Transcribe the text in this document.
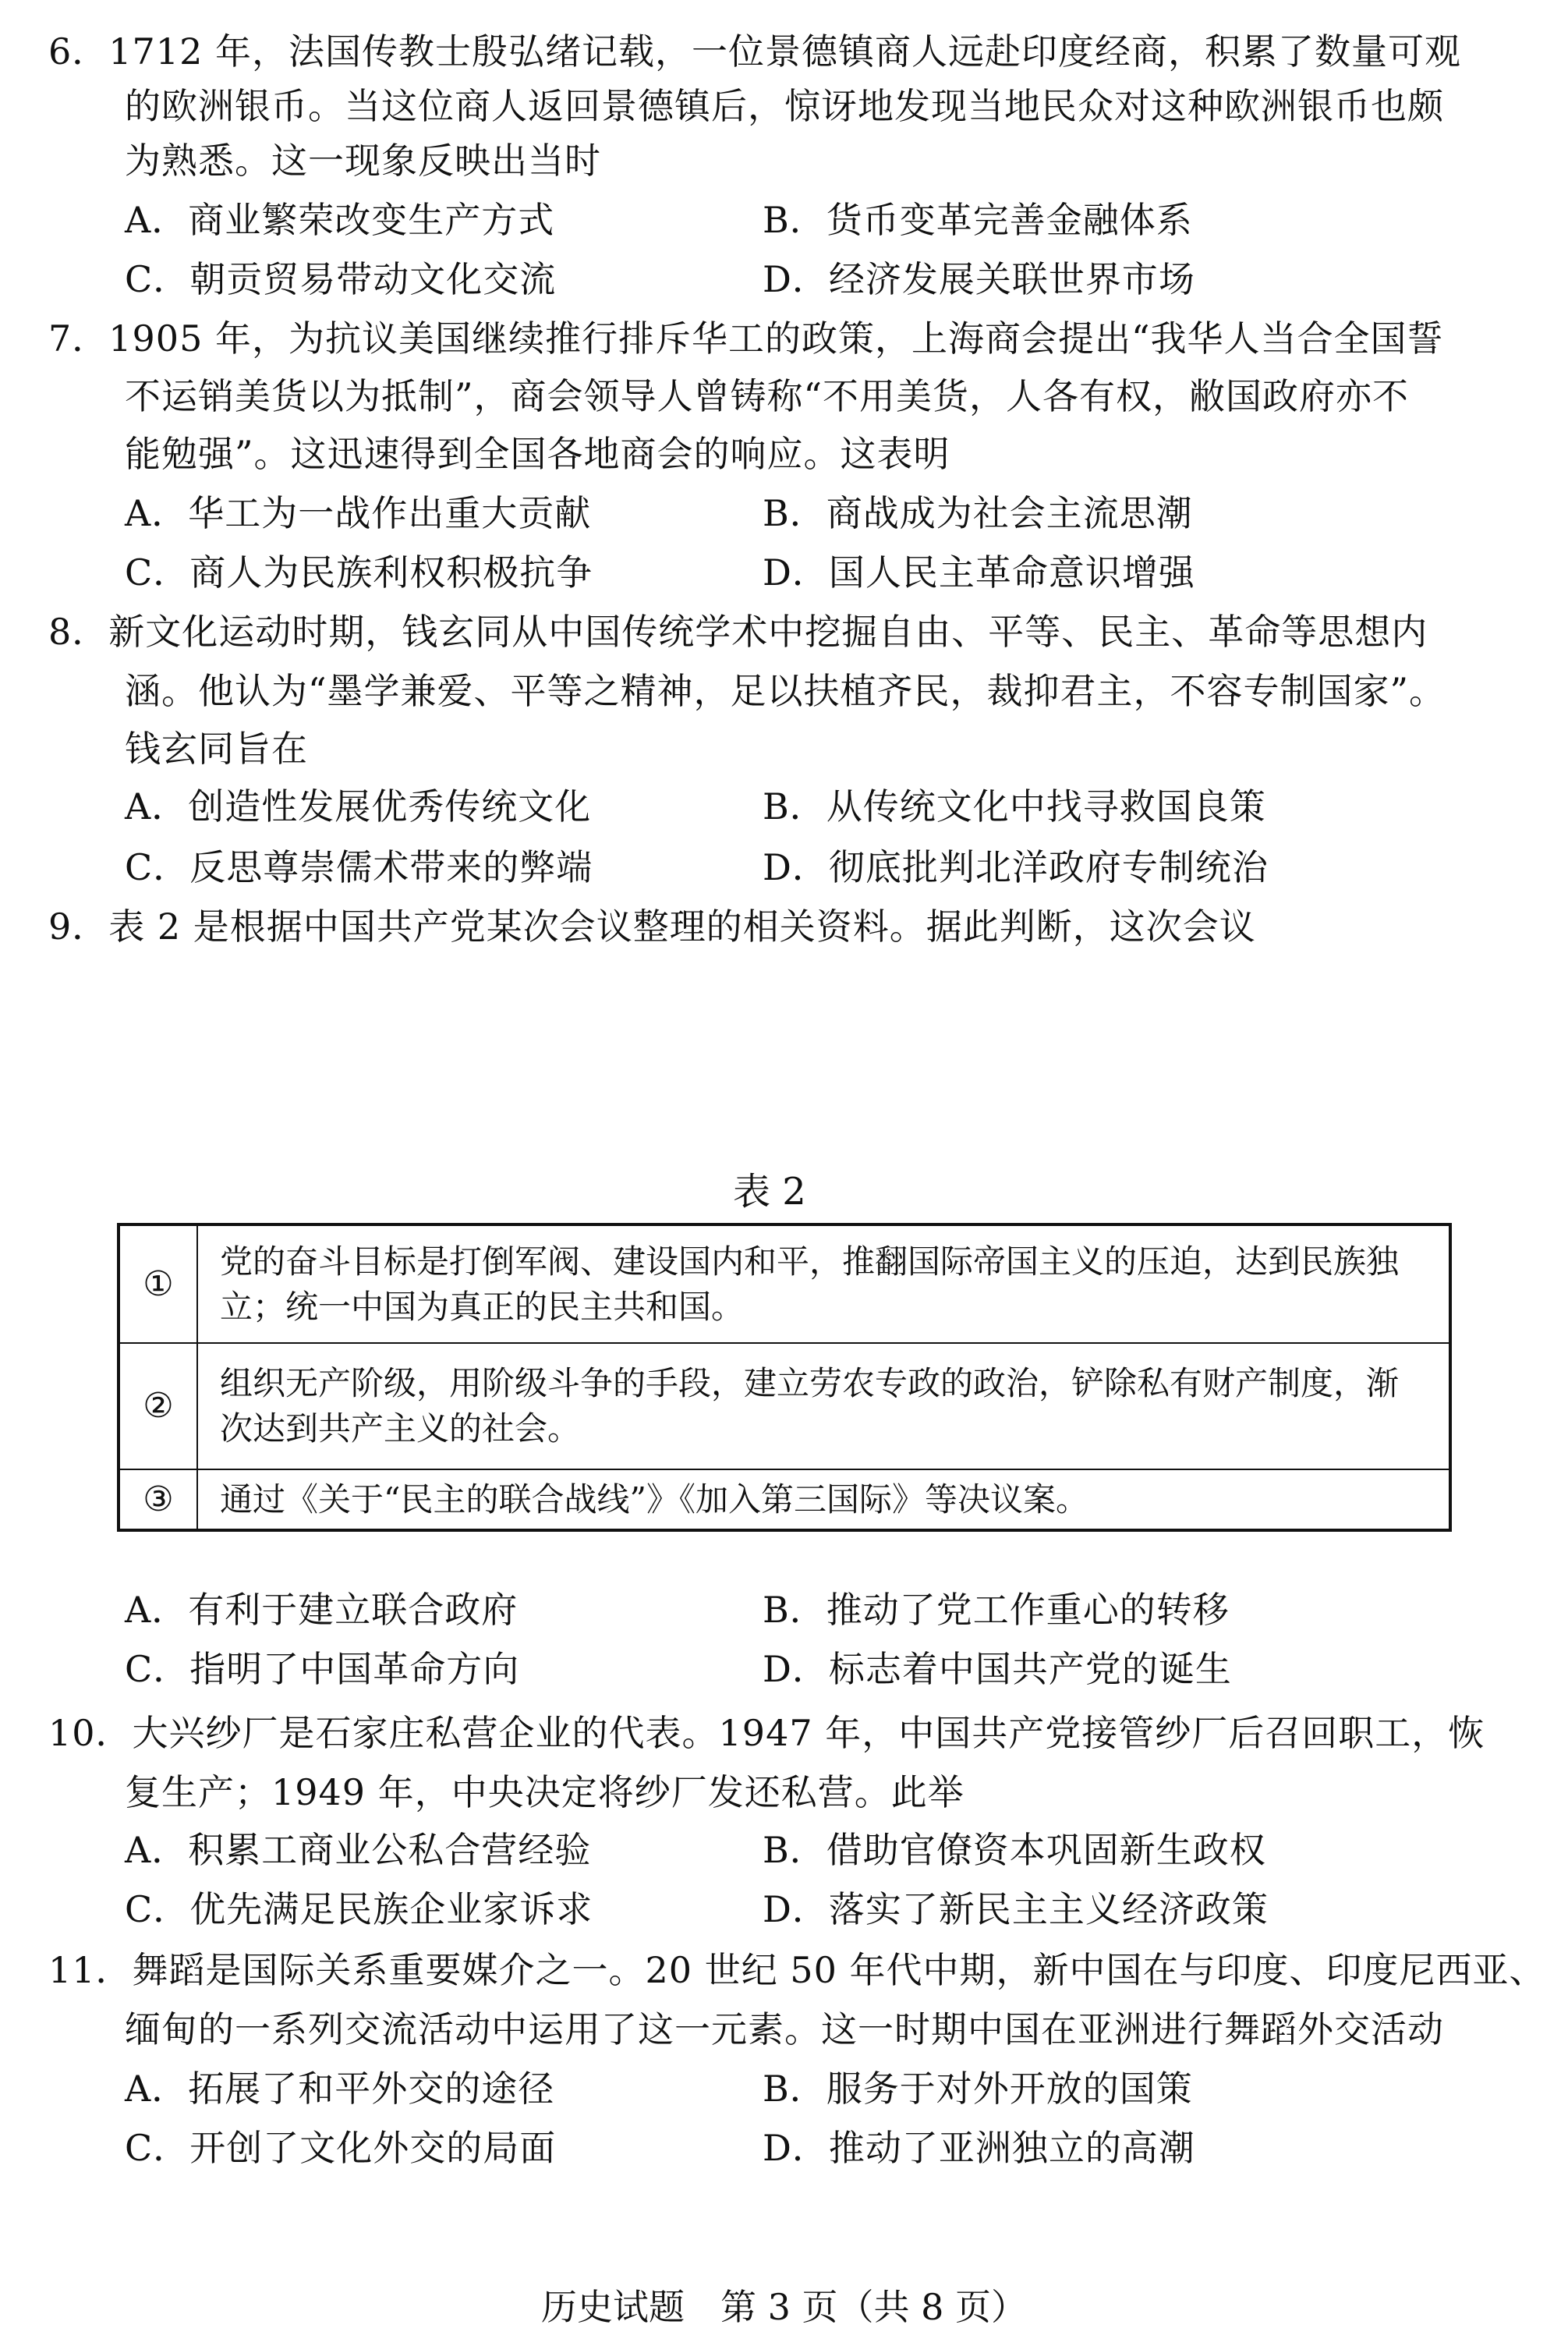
6．1712 年，法国传教士殷弘绪记载，一位景德镇商人远赴印度经商，积累了数量可观
的欧洲银币。当这位商人返回景德镇后，惊讶地发现当地民众对这种欧洲银币也颇
为熟悉。这一现象反映出当时
A．商业繁荣改变生产方式	B．货币变革完善金融体系
C．朝贡贸易带动文化交流	D．经济发展关联世界市场
7．1905 年，为抗议美国继续推行排斥华工的政策，上海商会提出“我华人当合全国誓
不运销美货以为抵制”，商会领导人曾铸称“不用美货，人各有权，敝国政府亦不
能勉强”。这迅速得到全国各地商会的响应。这表明
A．华工为一战作出重大贡献	B．商战成为社会主流思潮
C．商人为民族利权积极抗争	D．国人民主革命意识增强
8．新文化运动时期，钱玄同从中国传统学术中挖掘自由、平等、民主、革命等思想内
涵。他认为“墨学兼爱、平等之精神，足以扶植齐民，裁抑君主，不容专制国家”。
钱玄同旨在
A．创造性发展优秀传统文化	B．从传统文化中找寻救国良策
C．反思尊崇儒术带来的弊端	D．彻底批判北洋政府专制统治
9．表 2 是根据中国共产党某次会议整理的相关资料。据此判断，这次会议
表 2
①	党的奋斗目标是打倒军阀、建设国内和平，推翻国际帝国主义的压迫，达到民族独立；统一中国为真正的民主共和国。
②	组织无产阶级，用阶级斗争的手段，建立劳农专政的政治，铲除私有财产制度，渐次达到共产主义的社会。
③	通过《关于“民主的联合战线”》《加入第三国际》等决议案。
A．有利于建立联合政府	B．推动了党工作重心的转移
C．指明了中国革命方向	D．标志着中国共产党的诞生
10．大兴纱厂是石家庄私营企业的代表。1947 年，中国共产党接管纱厂后召回职工，恢
复生产；1949 年，中央决定将纱厂发还私营。此举
A．积累工商业公私合营经验	B．借助官僚资本巩固新生政权
C．优先满足民族企业家诉求	D．落实了新民主主义经济政策
11．舞蹈是国际关系重要媒介之一。20 世纪 50 年代中期，新中国在与印度、印度尼西亚、
缅甸的一系列交流活动中运用了这一元素。这一时期中国在亚洲进行舞蹈外交活动
A．拓展了和平外交的途径	B．服务于对外开放的国策
C．开创了文化外交的局面	D．推动了亚洲独立的高潮
历史试题　第 3 页（共 8 页）
